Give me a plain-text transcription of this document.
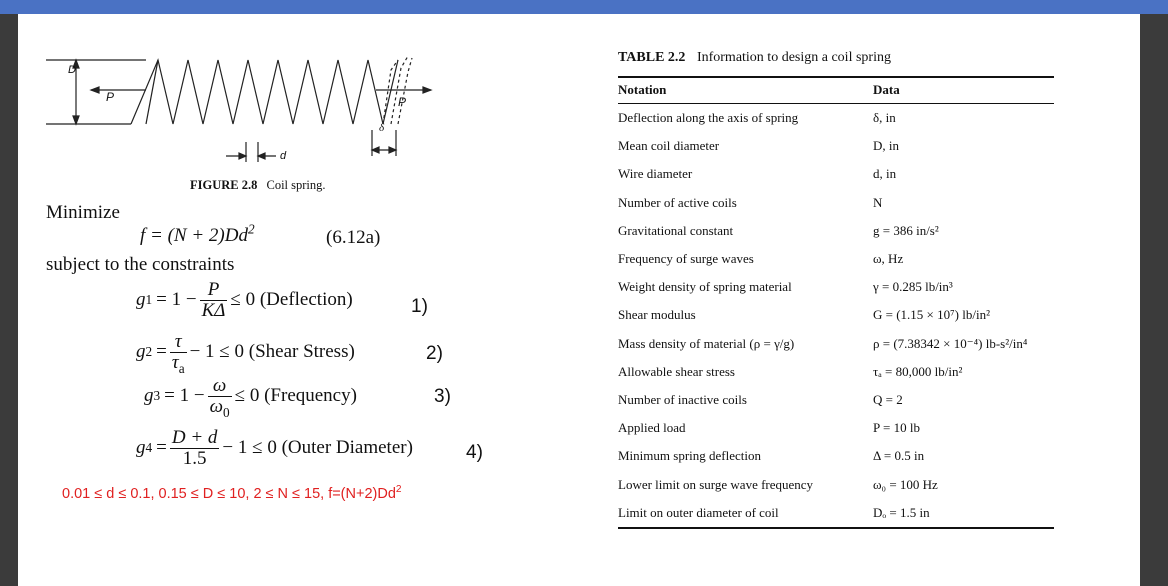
D
P	P
d
δ
FIGURE 2.8 Coil spring.
Minimize
$f = (N + 2)Dd^2$	(6.12a)
subject to the constraints
g $1 = 1 - \frac{P}{K\Delta} \le 0$ (Deflection)	1)
g $2 = \frac{\tau}{\tau_a} - 1 \le 0$ (Shear Stress)	2)
g $3 = 1 - \frac{\omega}{\omega_0} \le 0$ (Frequency)	3)
g $4 = \frac{D + d}{1.5} - 1 \le 0$ (Outer Diameter)	4)
0.01 ≤ d ≤ 0.1, 0.15 ≤ D ≤ 10, 2 ≤ N ≤ 15, $f=(N+2)Dd^2$
TABLE 2.2 Information to design a coil spring
Notation	Data
Deflection along the axis of spring	δ, in
Mean coil diameter	D, in
Wire diameter	d, in
Number of active coils	N
Gravitational constant	g = 386 in/s²
Frequency of surge waves	ω, Hz
Weight density of spring material	γ = 0.285 lb/in³
Shear modulus	G = (1.15 × 10⁷) lb/in²
Mass density of material (ρ = γ/g)	ρ = (7.38342 × 10⁻⁴) lb-s²/in⁴
Allowable shear stress	τₐ = 80,000 lb/in²
Number of inactive coils	Q = 2
Applied load	P = 10 lb
Minimum spring deflection	Δ = 0.5 in
Lower limit on surge wave frequency	ω₀ = 100 Hz
Limit on outer diameter of coil	Dₒ = 1.5 in
